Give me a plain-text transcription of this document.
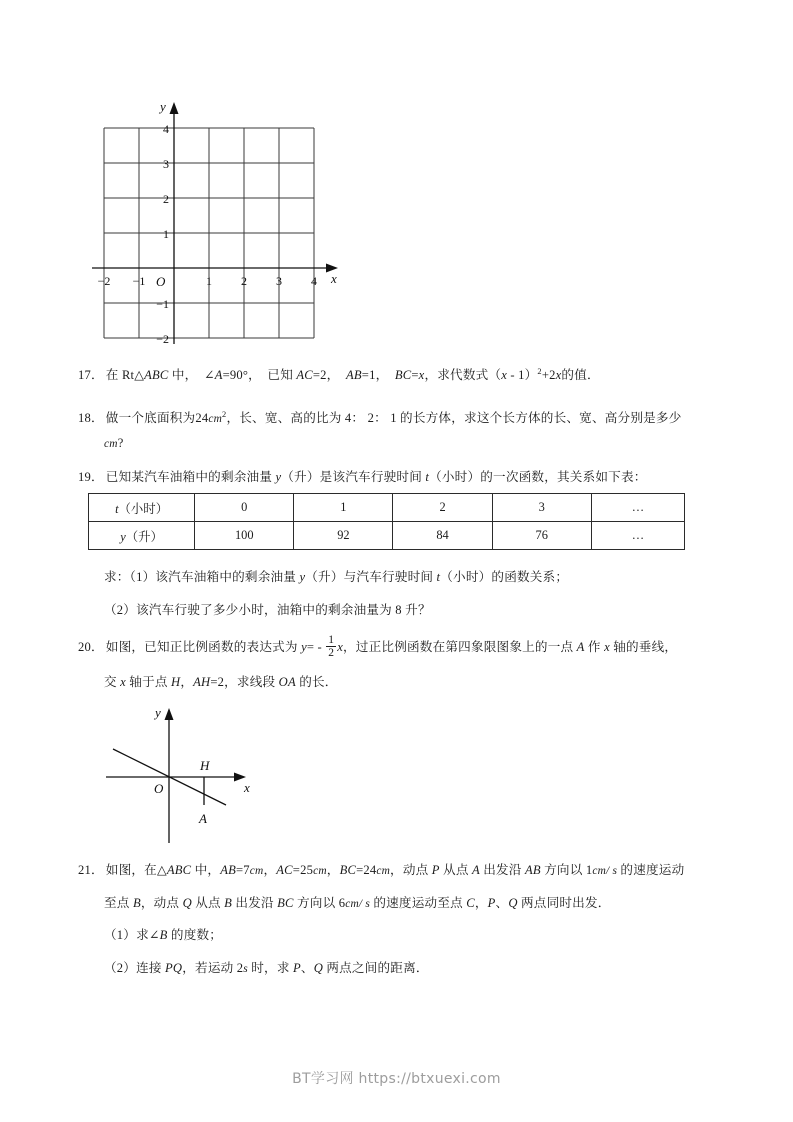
x
y
O
−2 −1	1 2 3 4
4
3
2
1
−1
−2
17． 在 Rt△ABC 中，　∠A=90°，　已知 AC=2，　AB=1，　BC=x，求代数式（x - 1）$^2$+2x的值．
18． 做一个底面积为$24cm^2$，长、宽、高的比为 4： 2： 1 的长方体，求这个长方体的长、宽、高分别是多少
cm?
19． 已知某汽车油箱中的剩余油量 y（升）是该汽车行驶时间 t（小时）的一次函数，其关系如下表：
t（小时）	0	1	2	3	…
y（升）	100	92	84	76	…
求：（1）该汽车油箱中的剩余油量 y（升）与汽车行驶时间 t（小时）的函数关系；
（2）该汽车行驶了多少小时，油箱中的剩余油量为 8 升？
20． 如图，已知正比例函数的表达式为 $y= - \frac{1}{2}$ x，过正比例函数在第四象限图象上的一点 A 作 x 轴的垂线，
交 x 轴于点 H，AH=2，求线段 OA 的长．
x
y
O
H
A
21． 如图，在△ABC 中，AB=7cm，AC=25cm，BC=24cm，动点 P 从点 A 出发沿 AB 方向以 1cm/ s 的速度运动
至点 B，动点 Q 从点 B 出发沿 BC 方向以 6cm/ s 的速度运动至点 C，P、Q 两点同时出发．
（1）求∠B 的度数；
（2）连接 PQ，若运动 2s 时，求 P、Q 两点之间的距离．
BT学习网 https://btxuexi.com
